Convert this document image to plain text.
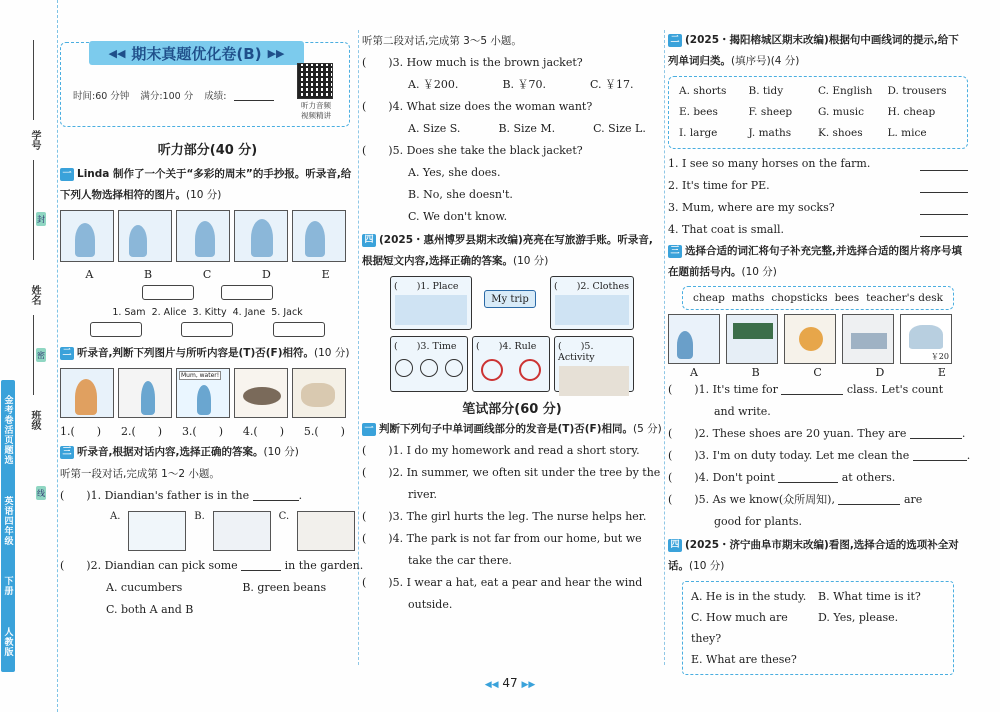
学号
姓名
班级
封
密
线
金考卷活页题选
英语四年级
下册
人教版
◀◀ 期末真题优化卷(B) ▶▶
时间:60 分钟 满分:100 分 成绩:
听力音频 视频精讲
听力部分(40 分)
一 Linda 制作了一个关于“多彩的周末”的手抄报。听录音,给下列人物选择相符的图片。(10 分)
A	B	C	D	E

1. Sam 2. Alice 3. Kitty 4. Jane 5. Jack
二 听录音,判断下列图片与所听内容是(T)否(F)相符。(10 分)
Mum, water!
1.(　　) 2.(　　) 3.(　　) 4.(　　) 5.(　　)
三 听录音,根据对话内容,选择正确的答案。(10 分)
听第一段对话,完成第 1～2 小题。
(　　)1. Diandian's father is in the	.
A.	B.	C.
(　　)2. Diandian can pick some	in the garden.
A. cucumbers	B. green beans
C. both A and B
听第二段对话,完成第 3～5 小题。
(　　)3. How much is the brown jacket?
A. ￥200.	B. ￥70.	C. ￥17.
(　　)4. What size does the woman want?
A. Size S.	B. Size M.	C. Size L.
(　　)5. Does she take the black jacket?
A. Yes, she does.
B. No, she doesn't.
C. We don't know.
四 (2025・惠州博罗县期末改编)亮亮在写旅游手账。听录音,根据短文内容,选择正确的答案。(10 分)
(　　)1. Place
My trip
(　　)2. Clothes
(　　)3. Time	(　　)4. Rule	(　　)5. Activity
笔试部分(60 分)
一 判断下列句子中单词画线部分的发音是(T)否(F)相同。(5 分)
(　　)1. I do my homework and read a short story.
(　　)2. In summer, we often sit under the tree by the
river.
(　　)3. The girl hurts the leg. The nurse helps her.
(　　)4. The park is not far from our home, but we
take the car there.
(　　)5. I wear a hat, eat a pear and hear the wind
outside.
二 (2025・揭阳榕城区期末改编)根据句中画线词的提示,给下列单词归类。(填序号)(4 分)
A. shorts	B. tidy	C. English	D. trousers
E. bees	F. sheep	G. music	H. cheap
I. large	J. maths	K. shoes	L. mice
1. I see so many horses on the farm.
2. It's time for PE.
3. Mum, where are my socks?
4. That coat is small.
三 选择合适的词汇将句子补充完整,并选择合适的图片将序号填在题前括号内。(10 分)
cheap maths chopsticks bees teacher's desk
￥20
A	B	C	D	E
(　　)1. It's time for	class. Let's count
and write.
(　　)2. These shoes are 20 yuan. They are	.
(　　)3. I'm on duty today. Let me clean the	.
(　　)4. Don't point	at others.
(　　)5. As we know(众所周知),	are
good for plants.
四 (2025・济宁曲阜市期末改编)看图,选择合适的选项补全对话。(10 分)
A. He is in the study.	B. What time is it?
C. How much are they?
D. Yes, please.
E. What are these?
◀◀ 47 ▶▶
